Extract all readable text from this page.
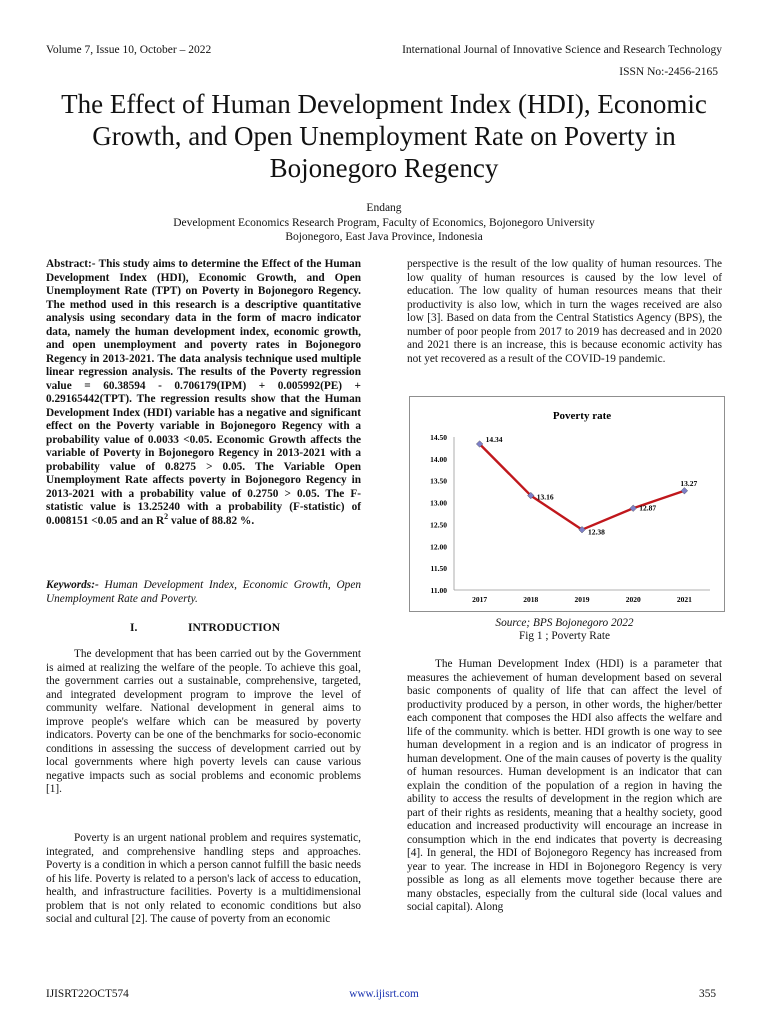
Volume 7, Issue 10, October – 2022	International Journal of Innovative Science and Research Technology
ISSN No:-2456-2165
The Effect of Human Development Index (HDI), Economic Growth, and Open Unemployment Rate on Poverty in Bojonegoro Regency
Endang
Development Economics Research Program, Faculty of Economics, Bojonegoro University
Bojonegoro, East Java Province, Indonesia
Abstract:- This study aims to determine the Effect of the Human Development Index (HDI), Economic Growth, and Open Unemployment Rate (TPT) on Poverty in Bojonegoro Regency. The method used in this research is a descriptive quantitative analysis using secondary data in the form of macro indicator data, namely the human development index, economic growth, and open unemployment and poverty rates in Bojonegoro Regency in 2013-2021. The data analysis technique used multiple linear regression analysis. The results of the Poverty regression value = 60.38594 - 0.706179(IPM) + 0.005992(PE) + 0.29165442(TPT). The regression results show that the Human Development Index (HDI) variable has a negative and significant effect on the Poverty variable in Bojonegoro Regency with a probability value of 0.0033 <0.05. Economic Growth affects the variable of Poverty in Bojonegoro Regency in 2013-2021 with a probability value of 0.8275 > 0.05. The Variable Open Unemployment Rate affects poverty in Bojonegoro Regency in 2013-2021 with a probability value of 0.2750 > 0.05. The F-statistic value is 13.25240 with a probability (F-statistic) of 0.008151 <0.05 and an $R^2$ value of 88.82 %.
Keywords:- Human Development Index, Economic Growth, Open Unemployment Rate and Poverty.
I.	INTRODUCTION

The development that has been carried out by the Government is aimed at realizing the welfare of the people. To achieve this goal, the government carries out a sustainable, comprehensive, targeted, and integrated development program to improve the level of community welfare. National development in general aims to improve people's welfare which can be measured by poverty indicators. Poverty can be one of the benchmarks for socio-economic conditions in assessing the success of development carried out by local governments where high poverty levels can cause various negative impacts such as social problems and economic problems [1].

Poverty is an urgent national problem and requires systematic, integrated, and comprehensive handling steps and approaches. Poverty is a condition in which a person cannot fulfill the basic needs of his life. Poverty is related to a person's lack of access to education, health, and infrastructure facilities. Poverty is a multidimensional problem that is not only related to economic conditions but also social and cultural [2]. The cause of poverty from an economic

perspective is the result of the low quality of human resources. The low quality of human resources is caused by the low level of education. The low quality of human resources means that their productivity is also low, which in turn the wages received are also low [3]. Based on data from the Central Statistics Agency (BPS), the number of poor people from 2017 to 2019 has decreased and in 2020 and 2021 there is an increase, this is because economic activity has not yet recovered as a result of the COVID-19 pandemic.

Poverty rate
11.00
11.50
12.00
12.50
13.00
13.50
14.00
14.50
2017	2018	2019	2020	2021
14.34
13.16
12.38
12.87
13.27
Source; BPS Bojonegoro 2022
Fig 1 ; Poverty Rate

The Human Development Index (HDI) is a parameter that measures the achievement of human development based on several basic components of quality of life that can affect the level of productivity produced by a person, in other words, the higher/better each component that composes the HDI also affects the welfare and life of the community. which is better. HDI growth is one way to see human development in a region and is an indicator of progress in human development. One of the main causes of poverty is the quality of human resources. Human development is an indicator that can explain the condition of the population of a region in having the ability to access the results of development in the region which are part of their rights as residents, meaning that a healthy society, good education and increased productivity will encourage an increase in consumption which in the end indicates that poverty is decreasing [4]. In general, the HDI of Bojonegoro Regency has increased from year to year. The increase in HDI in Bojonegoro Regency is very possible as long as all elements move together because there are many obstacles, especially from the cultural side (local values and social capital). Along

IJISRT22OCT574	www.ijisrt.com	355
